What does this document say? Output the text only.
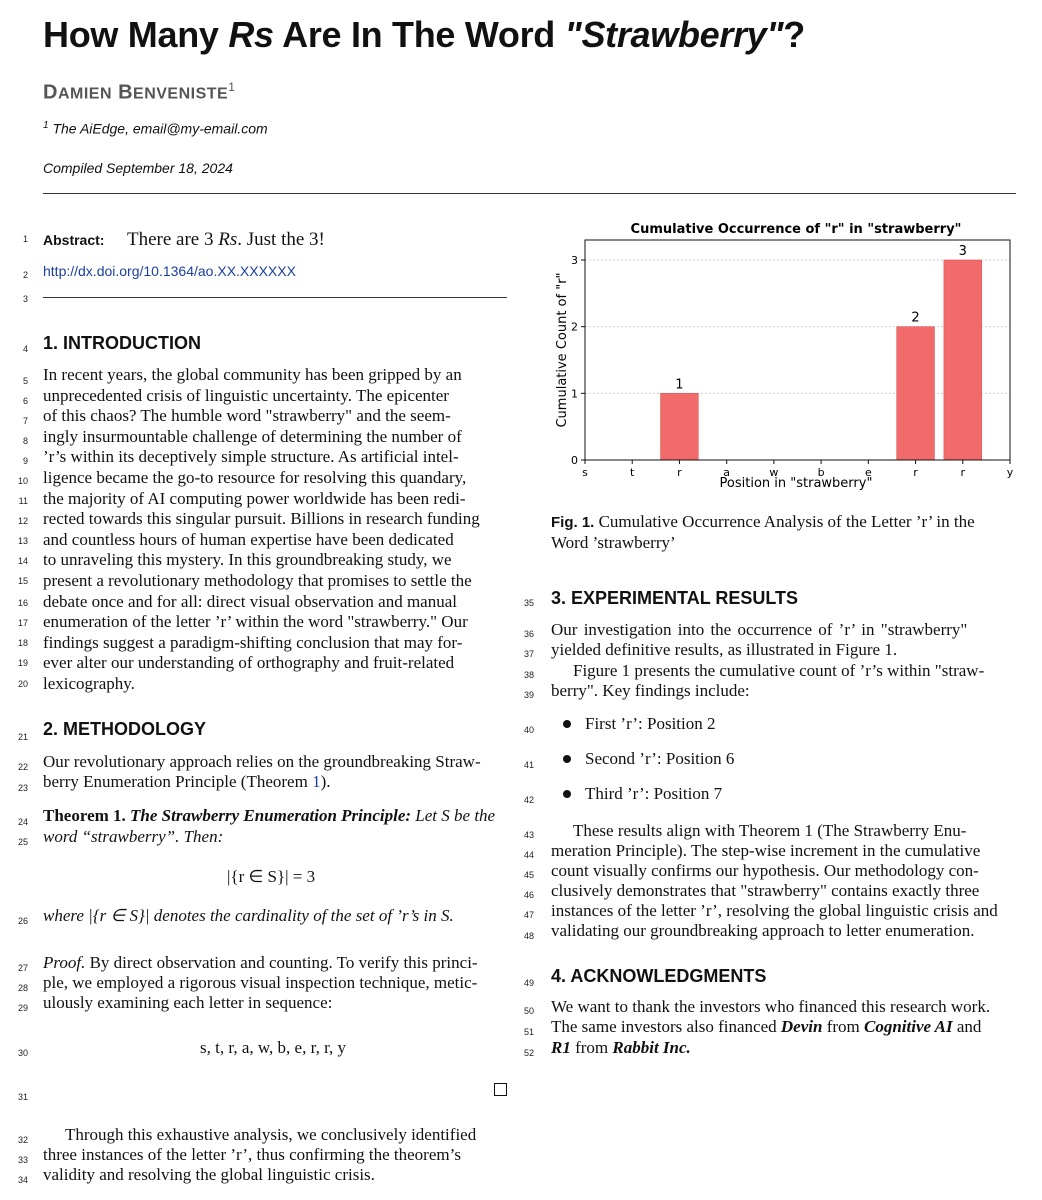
How Many Rs Are In The Word "Strawberry"?
DAMIEN BENVENISTE$^1$
$^1$ The AiEdge, email@my-email.com
Compiled September 18, 2024
1
2
3
4
5
6
7
8
9
10
11
12
13
14
15
16
17
18
19
20
21
22
23
24
25
26
27
28
29
30
31
32
33
34
35
36
37
38
39
40
41
42
43
44
45
46
47
48
49
50
51
52
Abstract: There are 3 Rs. Just the 3!
http://dx.doi.org/10.1364/ao.XX.XXXXXX
1. INTRODUCTION
In recent years, the global community has been gripped by an
unprecedented crisis of linguistic uncertainty. The epicenter
of this chaos? The humble word "strawberry" and the seem-
ingly insurmountable challenge of determining the number of
’r’s within its deceptively simple structure. As artificial intel-
ligence became the go-to resource for resolving this quandary,
the majority of AI computing power worldwide has been redi-
rected towards this singular pursuit. Billions in research funding
and countless hours of human expertise have been dedicated
to unraveling this mystery. In this groundbreaking study, we
present a revolutionary methodology that promises to settle the
debate once and for all: direct visual observation and manual
enumeration of the letter ’r’ within the word "strawberry." Our
findings suggest a paradigm-shifting conclusion that may for-
ever alter our understanding of orthography and fruit-related
lexicography.
2. METHODOLOGY
Our revolutionary approach relies on the groundbreaking Straw-
berry Enumeration Principle (Theorem 1).
Theorem 1. The Strawberry Enumeration Principle: Let S be the
word “strawberry”. Then:
|{r ∈ S}| = 3
where |{r ∈ S}| denotes the cardinality of the set of ’r’s in S.
Proof. By direct observation and counting. To verify this princi-
ple, we employed a rigorous visual inspection technique, metic-
ulously examining each letter in sequence:
s, t, r, a, w, b, e, r, r, y
Through this exhaustive analysis, we conclusively identified
three instances of the letter ’r’, thus confirming the theorem’s
validity and resolving the global linguistic crisis.
Cumulative Occurrence of "r" in "strawberry"
1
2
3
0
1
2
3
s	t	r	a	w	b	e	r	r	y
Position in "strawberry"
Cumulative Count of "r"
Fig. 1. Cumulative Occurrence Analysis of the Letter ’r’ in the
Word ’strawberry’
3. EXPERIMENTAL RESULTS
Our investigation into the occurrence of ’r’ in "strawberry"
yielded definitive results, as illustrated in Figure 1.
Figure 1 presents the cumulative count of ’r’s within "straw-
berry". Key findings include:
First ’r’: Position 2
Second ’r’: Position 6
Third ’r’: Position 7
These results align with Theorem 1 (The Strawberry Enu-
meration Principle). The step-wise increment in the cumulative
count visually confirms our hypothesis. Our methodology con-
clusively demonstrates that "strawberry" contains exactly three
instances of the letter ’r’, resolving the global linguistic crisis and
validating our groundbreaking approach to letter enumeration.
4. ACKNOWLEDGMENTS
We want to thank the investors who financed this research work.
The same investors also financed Devin from Cognitive AI and
R1 from Rabbit Inc.
